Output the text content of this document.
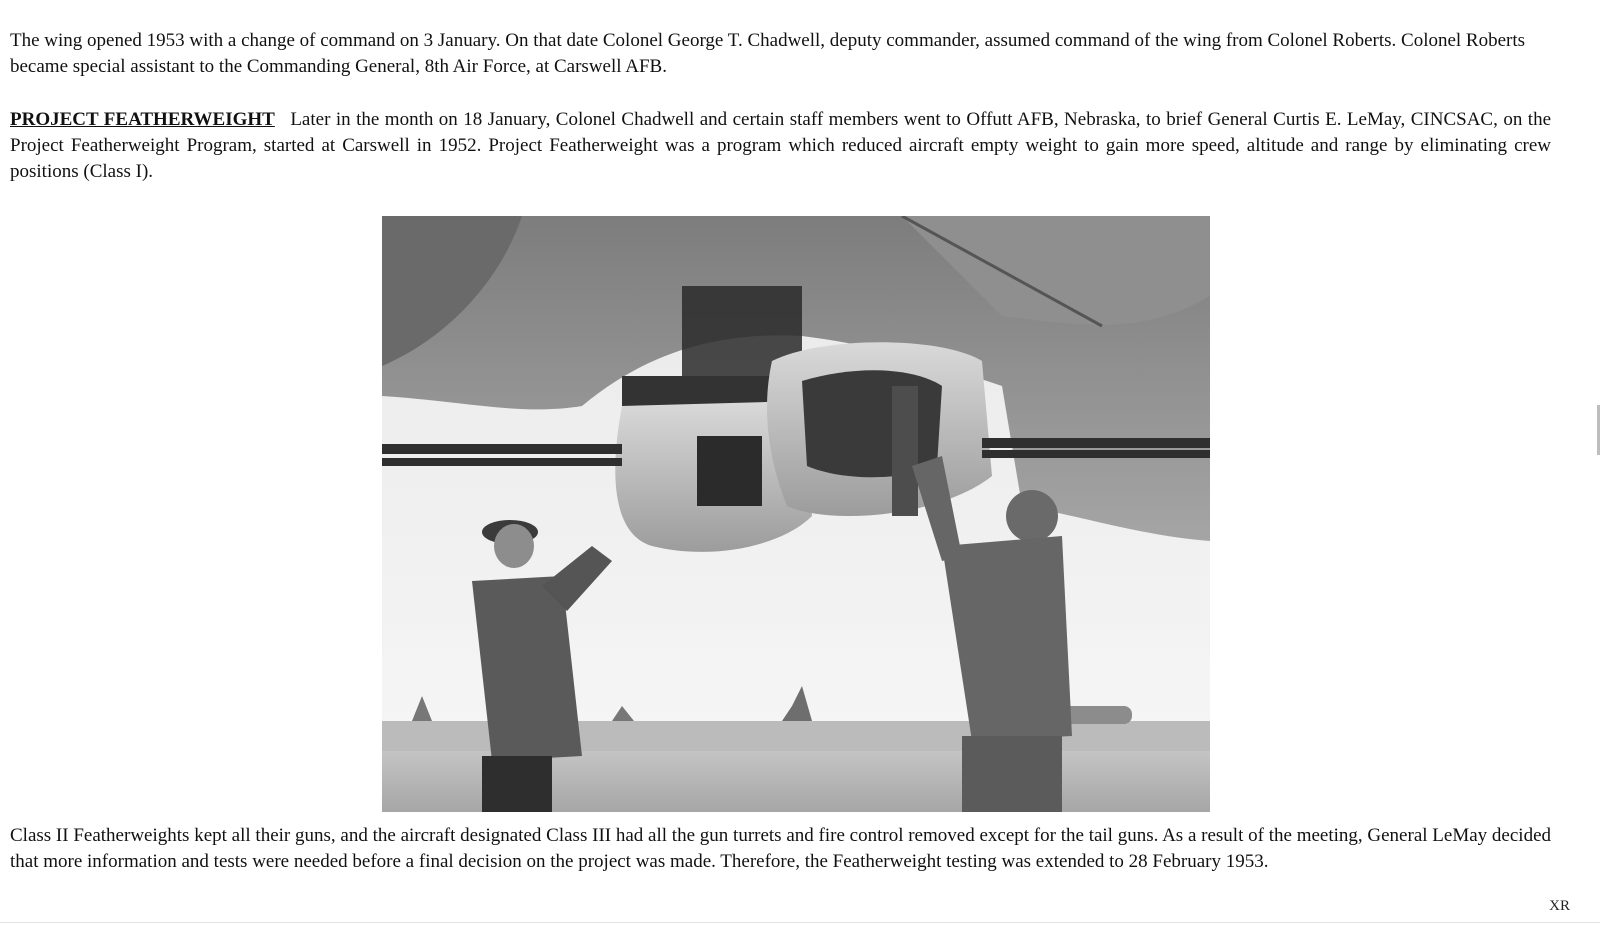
The wing opened 1953 with a change of command on 3 January. On that date Colonel George T. Chadwell, deputy commander, assumed command of the wing from Colonel Roberts. Colonel Roberts became special assistant to the Commanding General, 8th Air Force, at Carswell AFB.

PROJECT FEATHERWEIGHT Later in the month on 18 January, Colonel Chadwell and certain staff members went to Offutt AFB, Nebraska, to brief General Curtis E. LeMay, CINCSAC, on the Project Featherweight Program, started at Carswell in 1952. Project Featherweight was a program which reduced aircraft empty weight to gain more speed, altitude and range by eliminating crew positions (Class I).

Class II Featherweights kept all their guns, and the aircraft designated Class III had all the gun turrets and fire control removed except for the tail guns. As a result of the meeting, General LeMay decided that more information and tests were needed before a final decision on the project was made. Therefore, the Featherweight testing was extended to 28 February 1953.

XR
